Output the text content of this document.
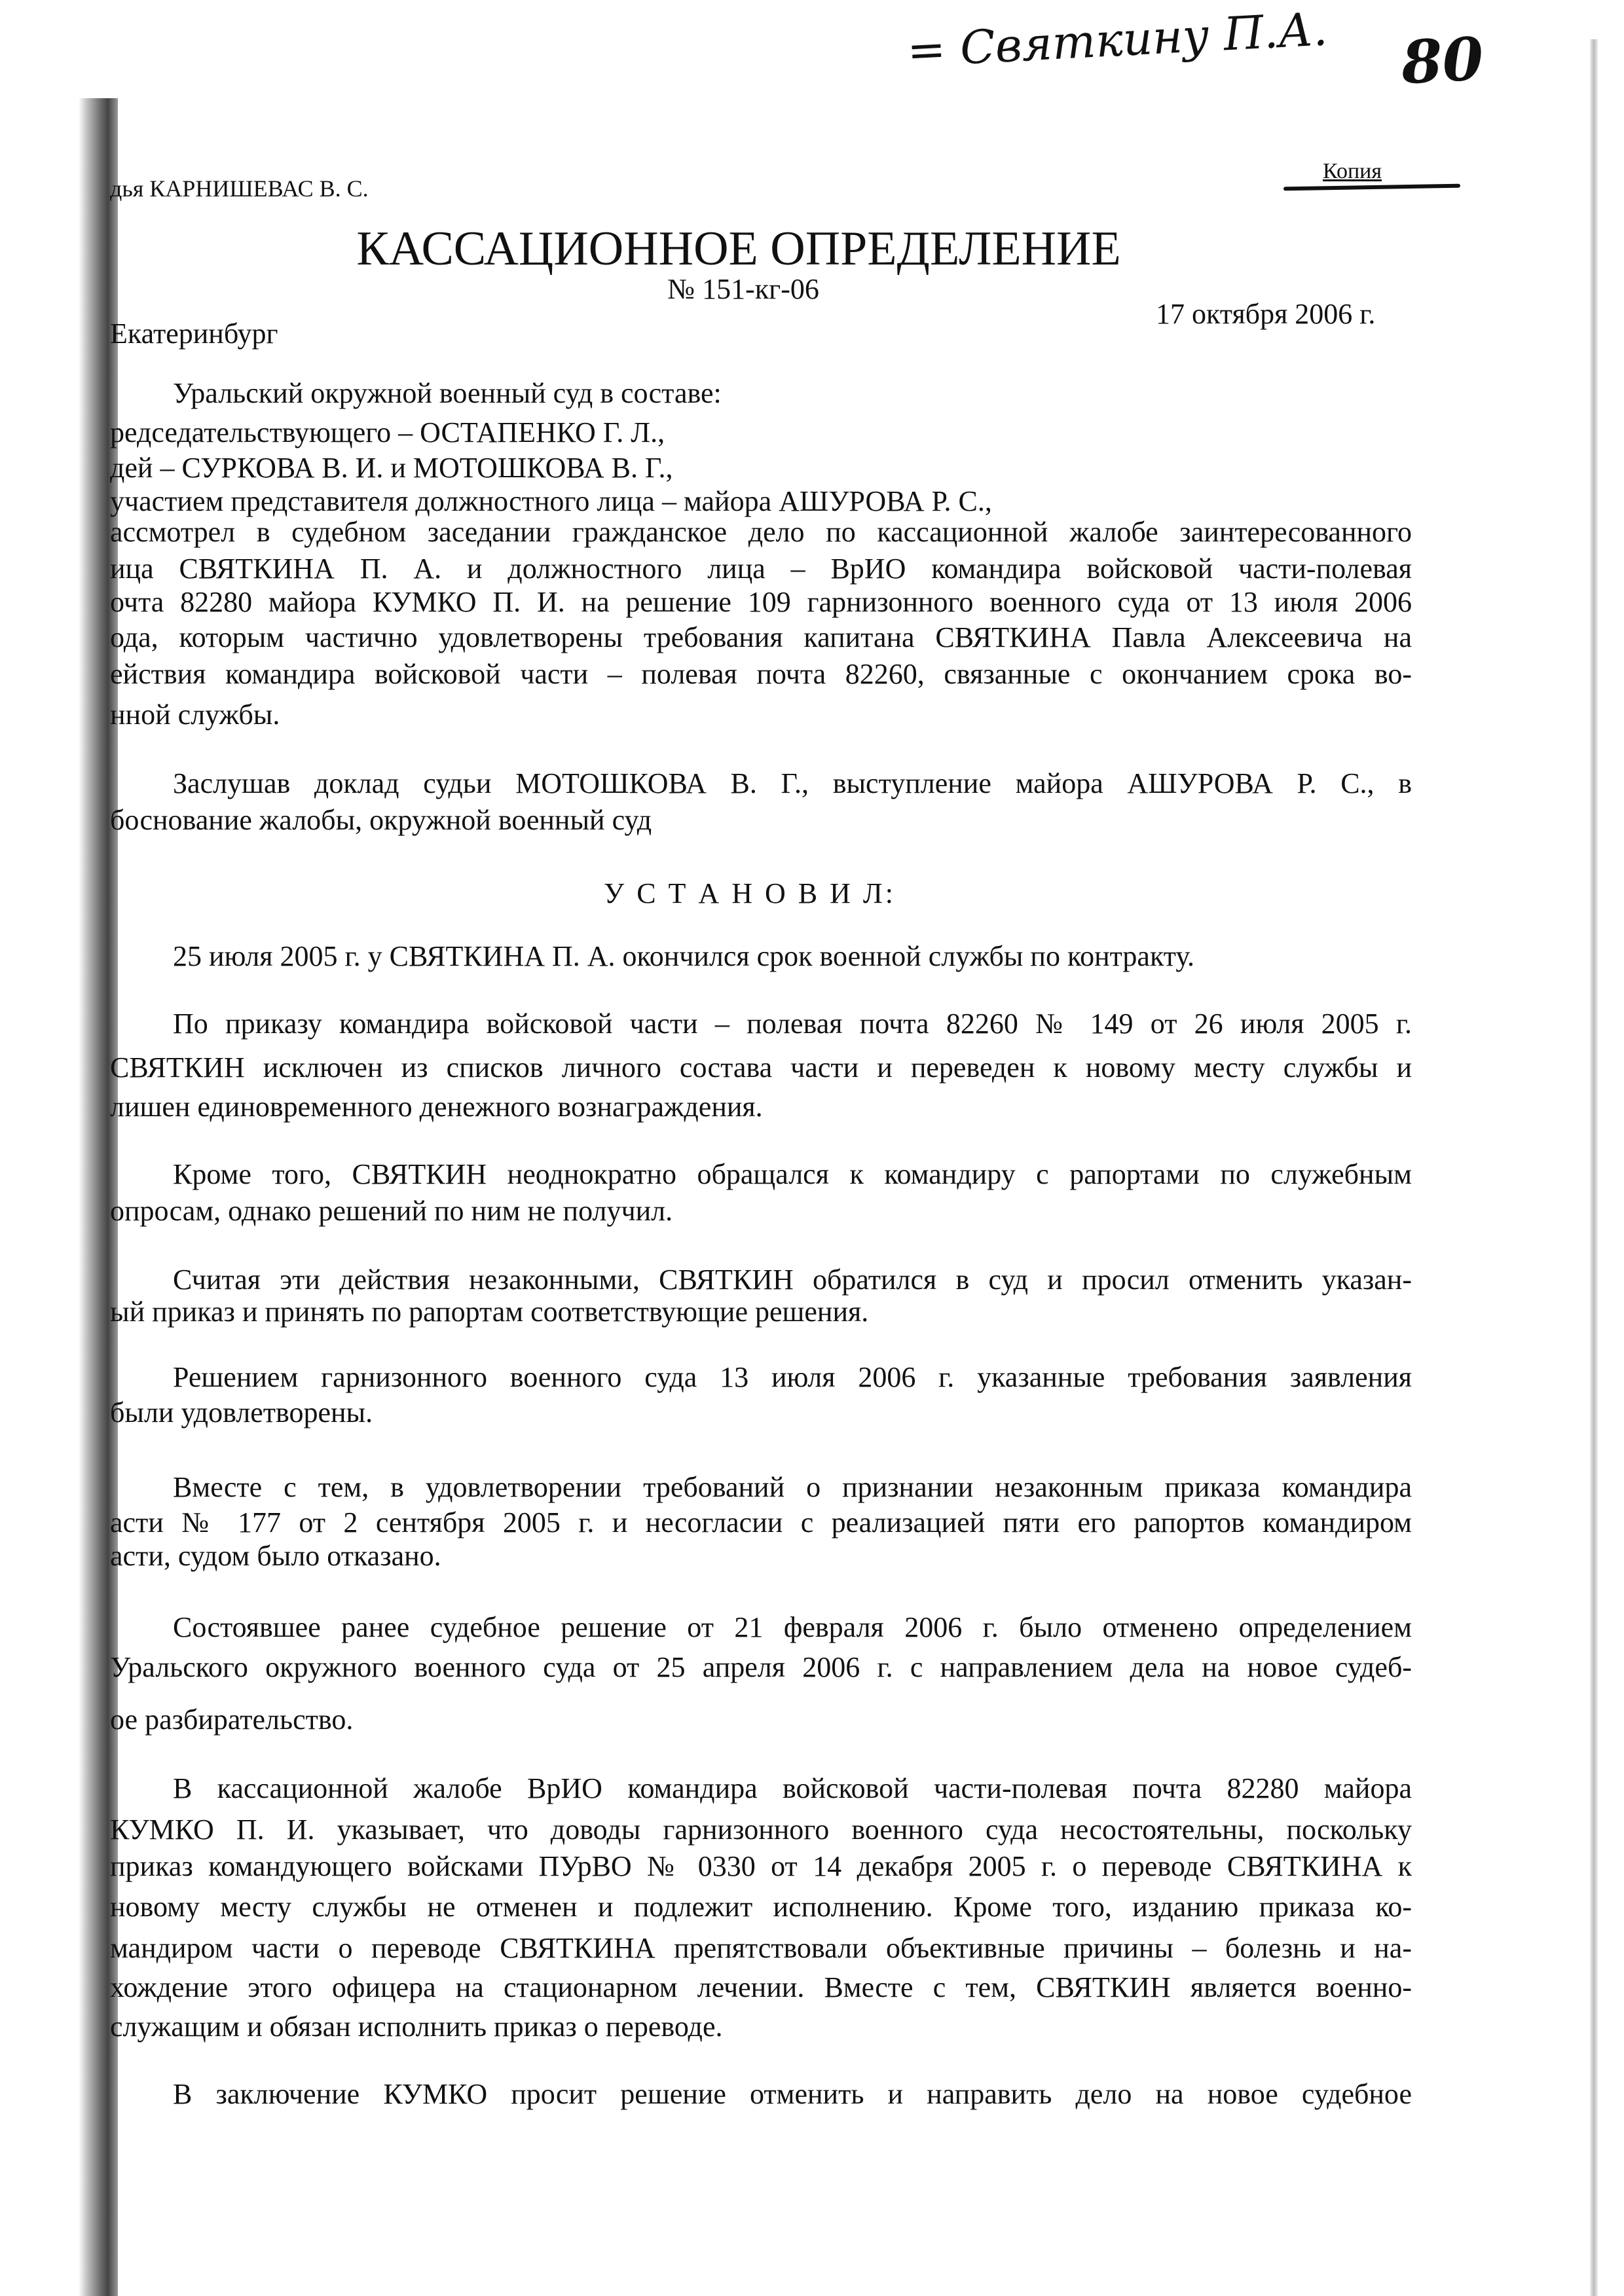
= Святкину П.А. 80
Копия
дья КАРНИШЕВАС В. С.
КАССАЦИОННОЕ ОПРЕДЕЛЕНИЕ
№ 151-кг-06
Екатеринбург
17 октября 2006 г.
Уральский окружной военный суд в составе:
редседательствующего – ОСТАПЕНКО Г. Л.,
дей – СУРКОВА В. И. и МОТОШКОВА В. Г.,
участием представителя должностного лица – майора АШУРОВА Р. С.,
ассмотрел в судебном заседании гражданское дело по кассационной жалобе заинтересованного
ица СВЯТКИНА П. А. и должностного лица – ВрИО командира войсковой части-полевая
очта 82280 майора КУМКО П. И. на решение 109 гарнизонного военного суда от 13 июля 2006
ода, которым частично удовлетворены требования капитана СВЯТКИНА Павла Алексеевича на
ействия командира войсковой части – полевая почта 82260, связанные с окончанием срока во-
нной службы.
Заслушав доклад судьи МОТОШКОВА В. Г., выступление майора АШУРОВА Р. С., в
боснование жалобы, окружной военный суд
У С Т А Н О В И Л:
25 июля 2005 г. у СВЯТКИНА П. А. окончился срок военной службы по контракту.
По приказу командира войсковой части – полевая почта 82260 № 149 от 26 июля 2005 г.
СВЯТКИН исключен из списков личного состава части и переведен к новому месту службы и
лишен единовременного денежного вознаграждения.
Кроме того, СВЯТКИН неоднократно обращался к командиру с рапортами по служебным
опросам, однако решений по ним не получил.
Считая эти действия незаконными, СВЯТКИН обратился в суд и просил отменить указан-
ый приказ и принять по рапортам соответствующие решения.
Решением гарнизонного военного суда 13 июля 2006 г. указанные требования заявления
были удовлетворены.
Вместе с тем, в удовлетворении требований о признании незаконным приказа командира
асти № 177 от 2 сентября 2005 г. и несогласии с реализацией пяти его рапортов командиром
асти, судом было отказано.
Состоявшее ранее судебное решение от 21 февраля 2006 г. было отменено определением
Уральского окружного военного суда от 25 апреля 2006 г. с направлением дела на новое судеб-
ое разбирательство.
В кассационной жалобе ВрИО командира войсковой части-полевая почта 82280 майора
КУМКО П. И. указывает, что доводы гарнизонного военного суда несостоятельны, поскольку
приказ командующего войсками ПУрВО № 0330 от 14 декабря 2005 г. о переводе СВЯТКИНА к
новому месту службы не отменен и подлежит исполнению. Кроме того, изданию приказа ко-
мандиром части о переводе СВЯТКИНА препятствовали объективные причины – болезнь и на-
хождение этого офицера на стационарном лечении. Вместе с тем, СВЯТКИН является военно-
служащим и обязан исполнить приказ о переводе.
В заключение КУМКО просит решение отменить и направить дело на новое судебное
